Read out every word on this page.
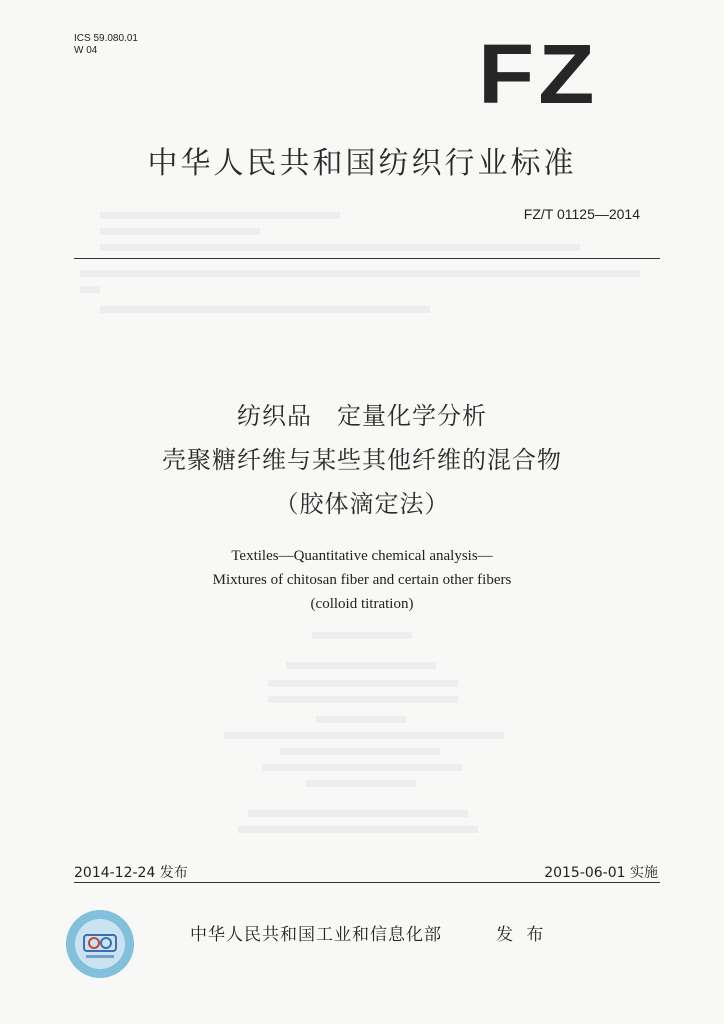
ICS 59.080.01
W 04	FZ
中华人民共和国纺织行业标准
FZ/T 01125—2014
纺织品　定量化学分析
壳聚糖纤维与某些其他纤维的混合物
（胶体滴定法）
Textiles—Quantitative chemical analysis—
Mixtures of chitosan fiber and certain other fibers
(colloid titration)
2014-12-24 发布	2015-06-01 实施
中华人民共和国工业和信息化部	发 布
